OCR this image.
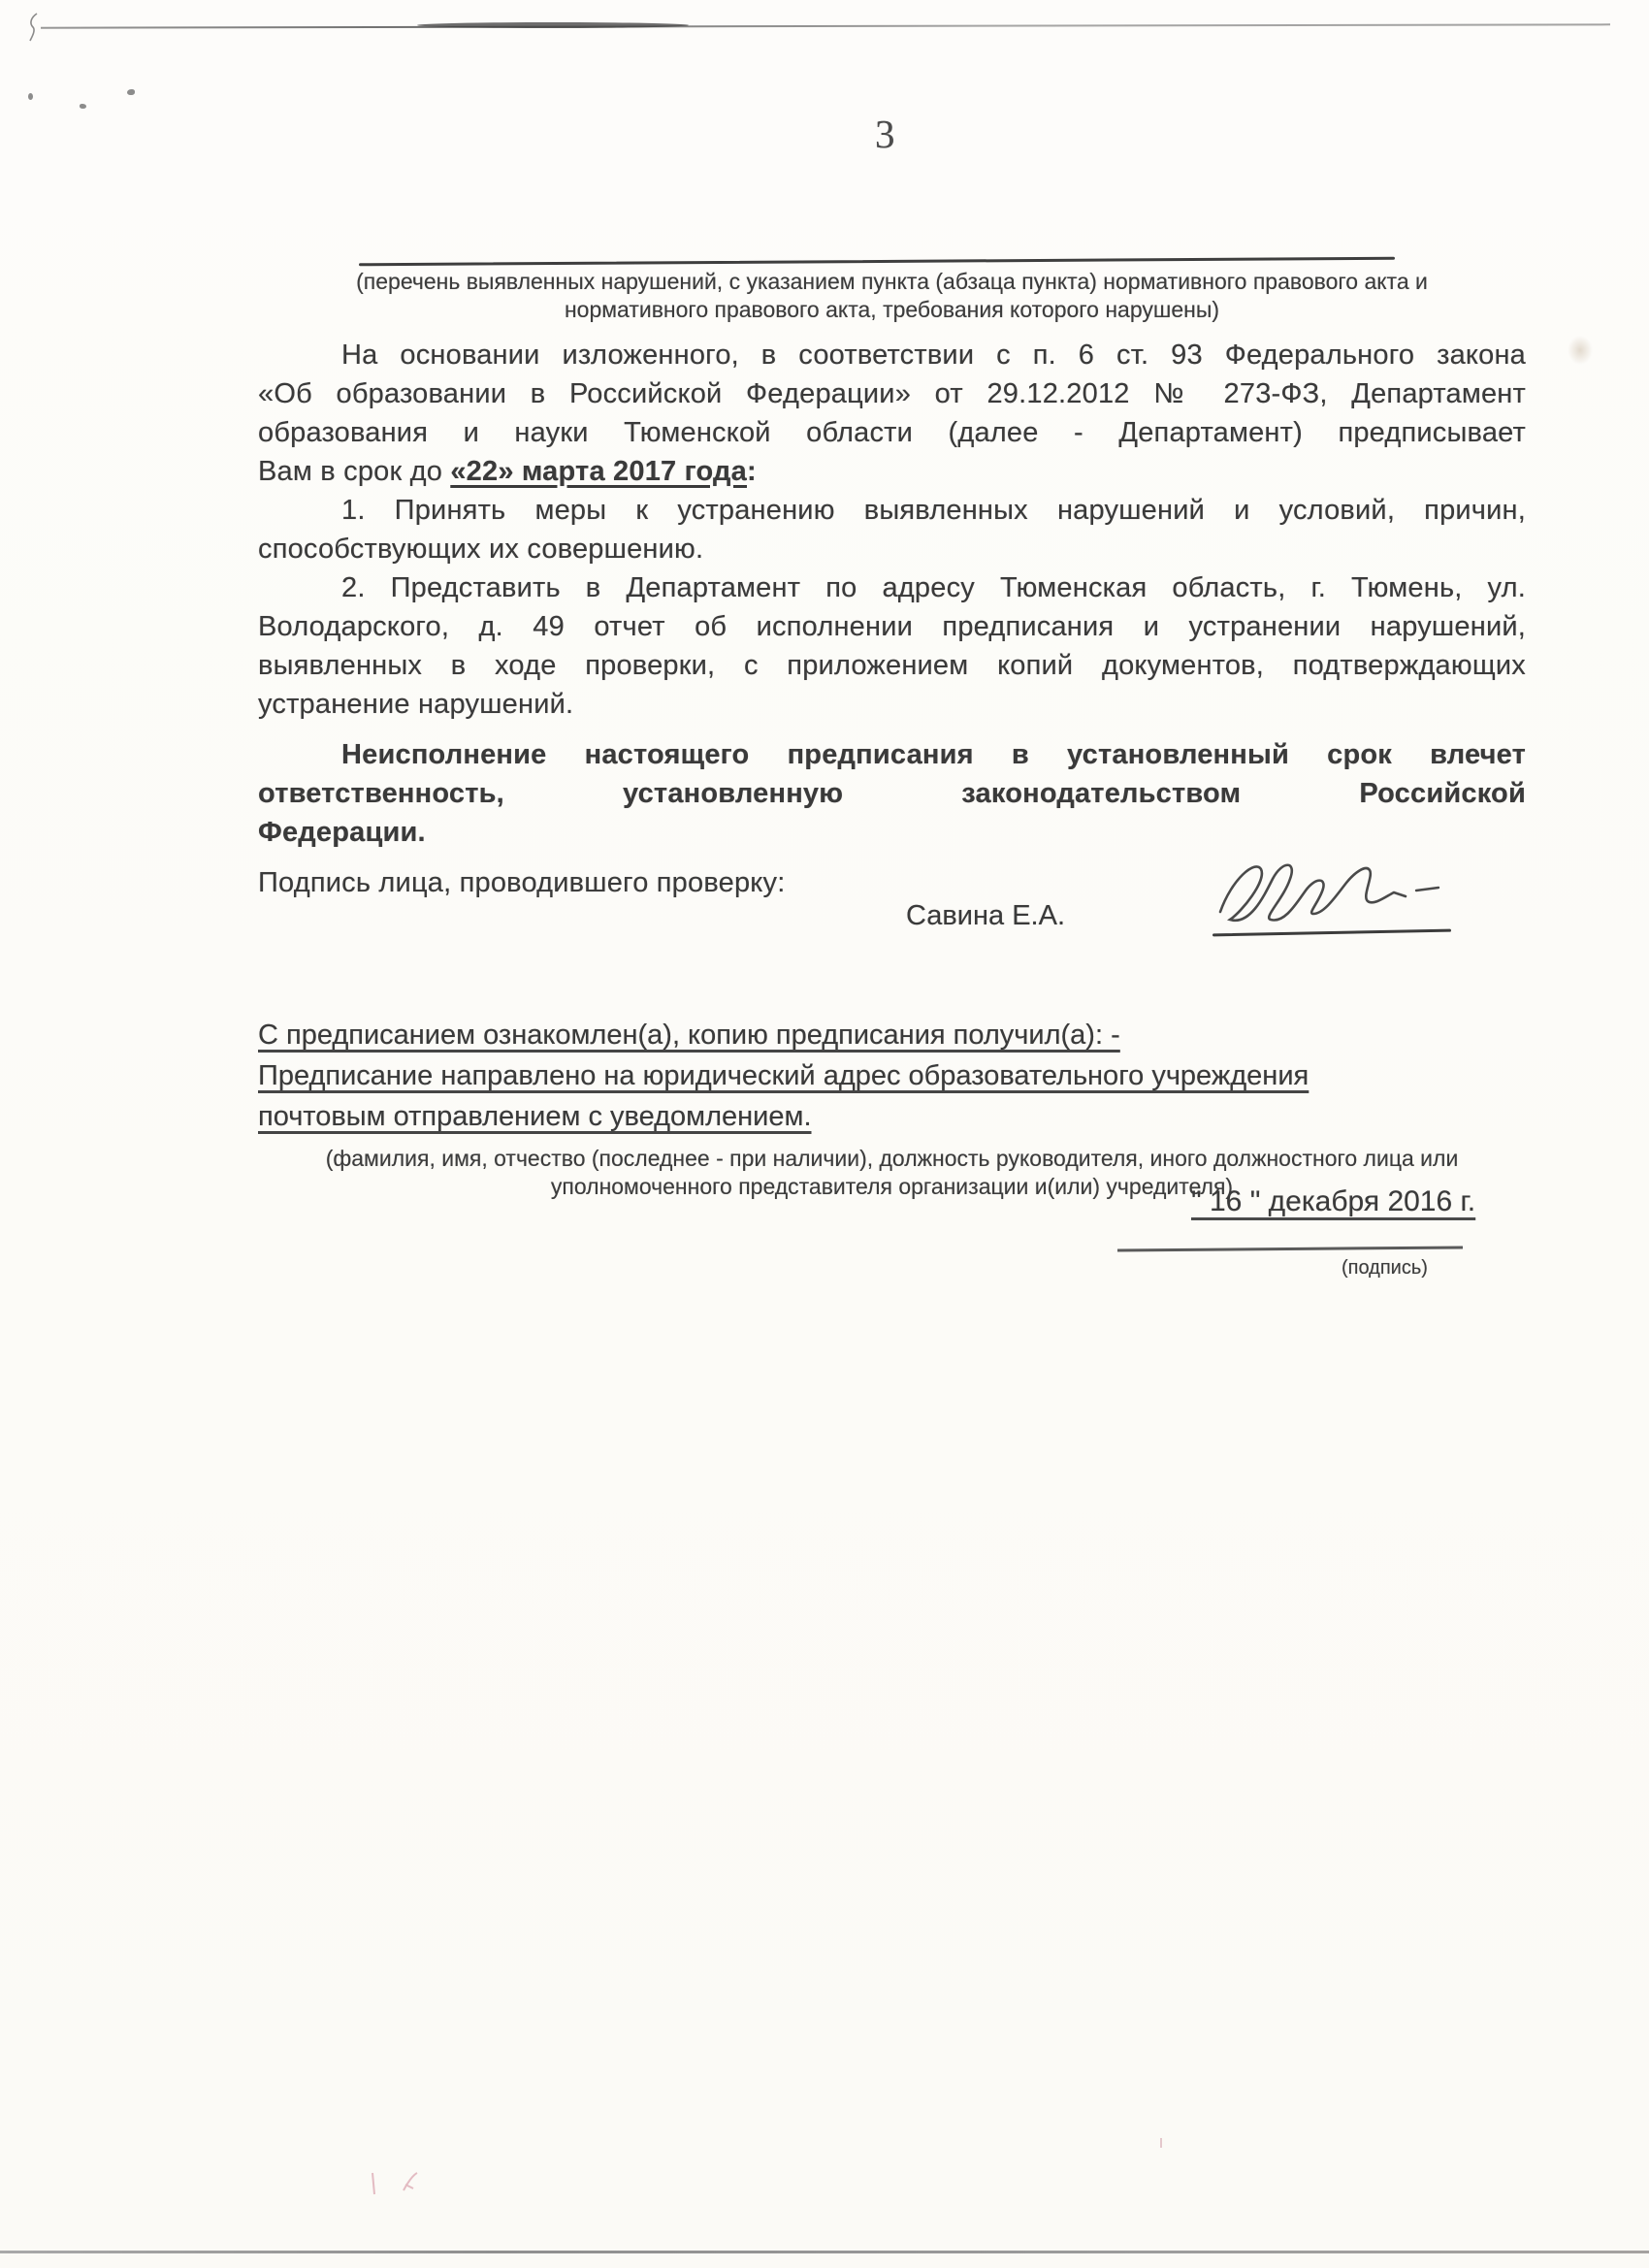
3
(перечень выявленных нарушений, с указанием пункта (абзаца пункта) нормативного правового акта и
нормативного правового акта, требования которого нарушены)
На основании изложенного, в соответствии с п. 6 ст. 93 Федерального закона
«Об образовании в Российской Федерации» от 29.12.2012 № 273-ФЗ, Департамент
образования и науки Тюменской области (далее - Департамент) предписывает
Вам в срок до «22» марта 2017 года:
1. Принять меры к устранению выявленных нарушений и условий, причин,
способствующих их совершению.
2. Представить в Департамент по адресу Тюменская область, г. Тюмень, ул.
Володарского, д. 49 отчет об исполнении предписания и устранении нарушений,
выявленных в ходе проверки, с приложением копий документов, подтверждающих
устранение нарушений.
Неисполнение настоящего предписания в установленный срок влечет
ответственность, установленную законодательством Российской
Федерации.
Подпись лица, проводившего проверку:
Савина Е.А.
С предписанием ознакомлен(а), копию предписания получил(а): -
Предписание направлено на юридический адрес образовательного учреждения
почтовым отправлением с уведомлением.
(фамилия, имя, отчество (последнее - при наличии), должность руководителя, иного должностного лица или
уполномоченного представителя организации и(или) учредителя)
" 16 " декабря 2016 г.
(подпись)
